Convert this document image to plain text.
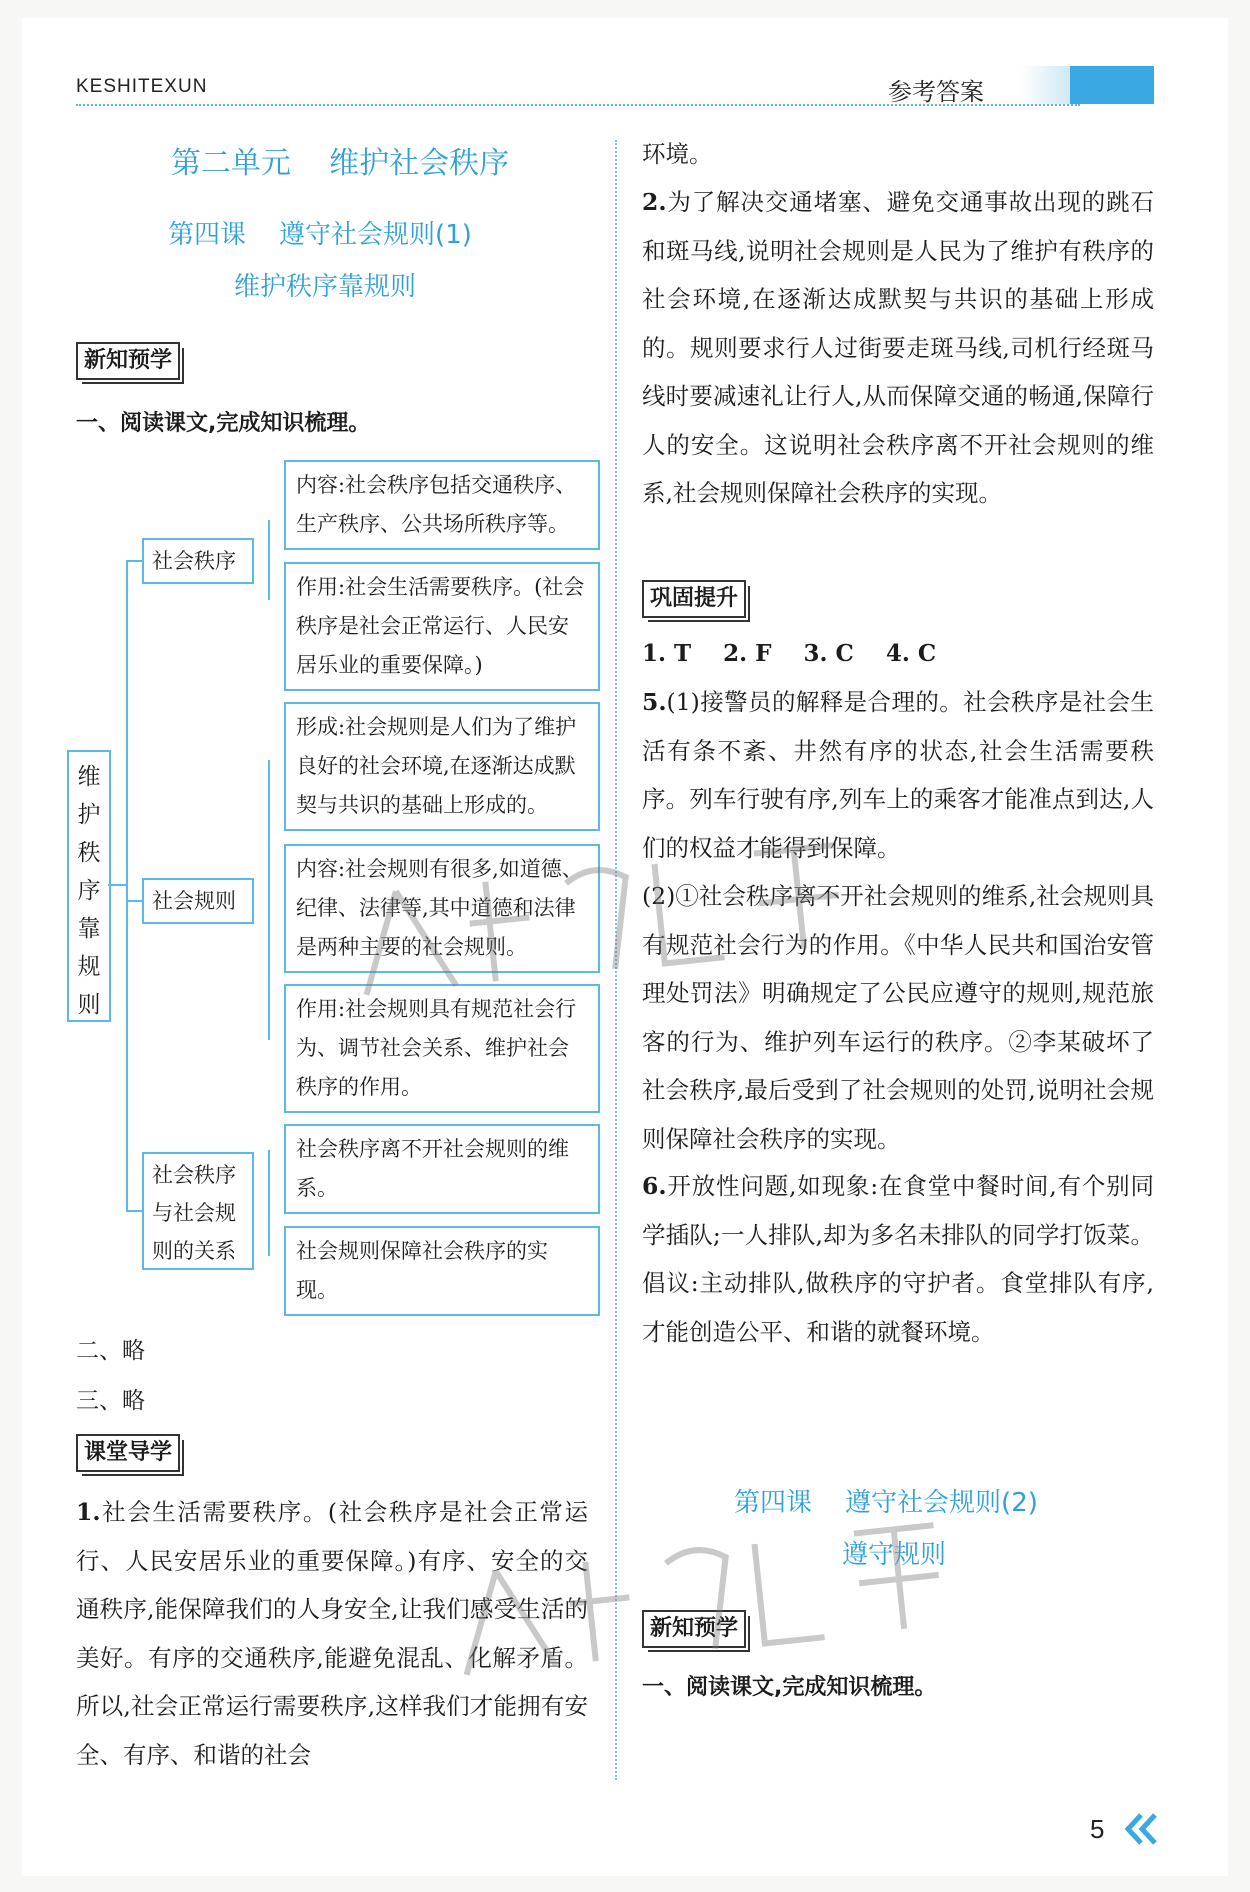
KESHITEXUN	参考答案
第二单元    维护社会秩序
第四课    遵守社会规则(1)
维护秩序靠规则
新知预学
一、阅读课文,完成知识梳理。
维
护
秩
序
靠
规
则
社会秩序
社会规则
社会秩序与社会规则的关系
内容:社会秩序包括交通秩序、生产秩序、公共场所秩序等。
作用:社会生活需要秩序。(社会秩序是社会正常运行、人民安居乐业的重要保障。)
形成:社会规则是人们为了维护良好的社会环境,在逐渐达成默契与共识的基础上形成的。
内容:社会规则有很多,如道德、纪律、法律等,其中道德和法律是两种主要的社会规则。
作用:社会规则具有规范社会行为、调节社会关系、维护社会秩序的作用。
社会秩序离不开社会规则的维系。
社会规则保障社会秩序的实现。
二、略
三、略
课堂导学
1.社会生活需要秩序。(社会秩序是社会正常运行、人民安居乐业的重要保障。)有序、安全的交通秩序,能保障我们的人身安全,让我们感受生活的美好。有序的交通秩序,能避免混乱、化解矛盾。所以,社会正常运行需要秩序,这样我们才能拥有安全、有序、和谐的社会
环境。
2.为了解决交通堵塞、避免交通事故出现的跳石和斑马线,说明社会规则是人民为了维护有秩序的社会环境,在逐渐达成默契与共识的基础上形成的。规则要求行人过街要走斑马线,司机行经斑马线时要减速礼让行人,从而保障交通的畅通,保障行人的安全。这说明社会秩序离不开社会规则的维系,社会规则保障社会秩序的实现。
巩固提升
1. T    2. F    3. C    4. C
5.(1)接警员的解释是合理的。社会秩序是社会生活有条不紊、井然有序的状态,社会生活需要秩序。列车行驶有序,列车上的乘客才能准点到达,人们的权益才能得到保障。
(2)①社会秩序离不开社会规则的维系,社会规则具有规范社会行为的作用。《中华人民共和国治安管理处罚法》明确规定了公民应遵守的规则,规范旅客的行为、维护列车运行的秩序。②李某破坏了社会秩序,最后受到了社会规则的处罚,说明社会规则保障社会秩序的实现。
6.开放性问题,如现象:在食堂中餐时间,有个别同学插队;一人排队,却为多名未排队的同学打饭菜。倡议:主动排队,做秩序的守护者。食堂排队有序,才能创造公平、和谐的就餐环境。
第四课    遵守社会规则(2)
遵守规则
新知预学
一、阅读课文,完成知识梳理。
5
